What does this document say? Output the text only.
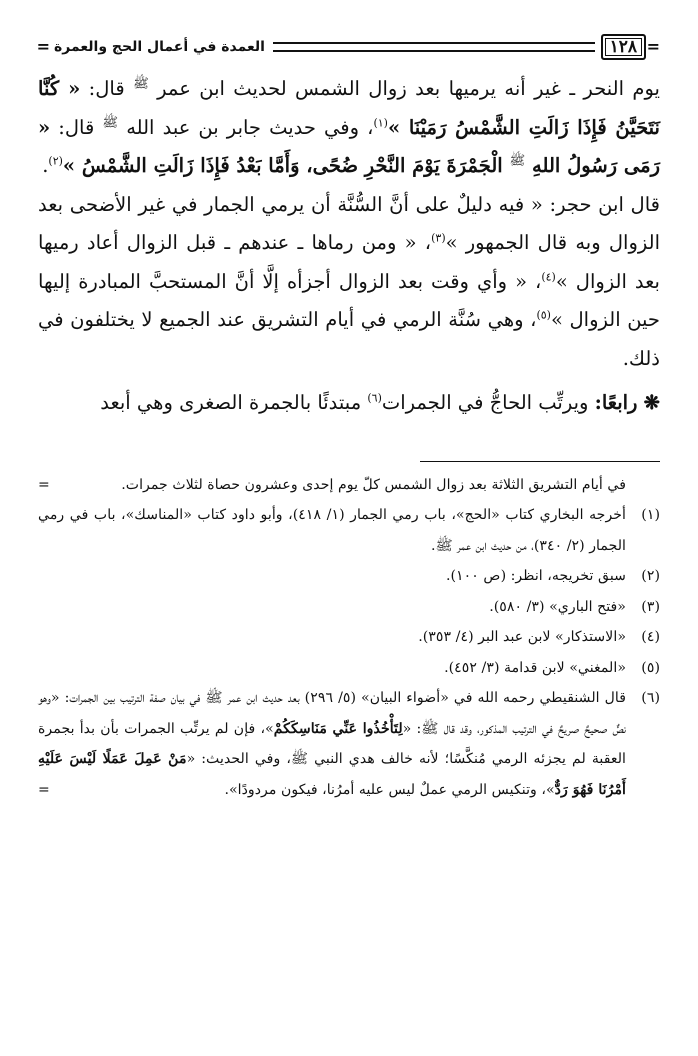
=
١٢٨
العمدة في أعمال الحج والعمرة
=

يوم النحر ـ غير أنه يرميها بعد زوال الشمس لحديث ابن عمر $^ﷺ$ قال: « كُنَّا نَتَحَيَّنُ فَإِذَا زَالَتِ الشَّمْسُ رَمَيْنَا »$^{(١)}$، وفي حديث جابر بن عبد الله $^ﷺ$ قال: « رَمَى رَسُولُ اللهِ $^ﷺ$ الْجَمْرَةَ يَوْمَ النَّحْرِ ضُحًى، وَأَمَّا بَعْدُ فَإِذَا زَالَتِ الشَّمْسُ »$^{(٢)}$.

قال ابن حجر: « فيه دليلٌ على أنَّ السُّنَّة أن يرمي الجمار في غير الأضحى بعد الزوال وبه قال الجمهور »$^{(٣)}$، « ومن رماها ـ عندهم ـ قبل الزوال أعاد رميها بعد الزوال »$^{(٤)}$، « وأي وقت بعد الزوال أجزأه إلَّا أنَّ المستحبَّ المبادرة إليها حين الزوال »$^{(٥)}$، وهي سُنَّة الرمي في أيام التشريق عند الجميع لا يختلفون في ذلك.

❋ رابعًا: ويرتِّب الحاجُّ في الجمرات$^{(٦)}$ مبتدئًا بالجمرة الصغرى وهي أبعد

في أيام التشريق الثلاثة بعد زوال الشمس كلّ يوم إحدى وعشرون حصاة لثلاث جمرات.
=
(١)
أخرجه البخاري كتاب «الحج»، باب رمي الجمار (١/ ٤١٨)، وأبو داود كتاب «المناسك»، باب في رمي الجمار (٢/ ٣٤٠)، من حديث ابن عمر ﷺ.
(٢)
سبق تخريجه، انظر: (ص ١٠٠).
(٣)
«فتح الباري» (٣/ ٥٨٠).
(٤)
«الاستذكار» لابن عبد البر (٤/ ٣٥٣).
(٥)
«المغني» لابن قدامة (٣/ ٤٥٢).
(٦)
قال الشنقيطي رحمه الله في «أضواء البيان» (٥/ ٢٩٦) بعد حديث ابن عمر ﷺ في بيان صفة الترتيب بين الجمرات: «وهو نصٌّ صحيحٌ صريحٌ في الترتيب المذكور، وقد قال ﷺ: «لِتَأْخُذُوا عَنِّي مَنَاسِكَكُمْ»، فإن لم يرتِّب الجمرات بأن بدأ بجمرة العقبة لم يجزئه الرمي مُنكَّسًا؛ لأنه خالف هدي النبي ﷺ، وفي الحديث: «مَنْ عَمِلَ عَمَلًا لَيْسَ عَلَيْهِ أَمْرُنَا فَهُوَ رَدٌّ»، وتنكيس الرمي عملٌ ليس عليه أمرُنا، فيكون مردودًا».
=
